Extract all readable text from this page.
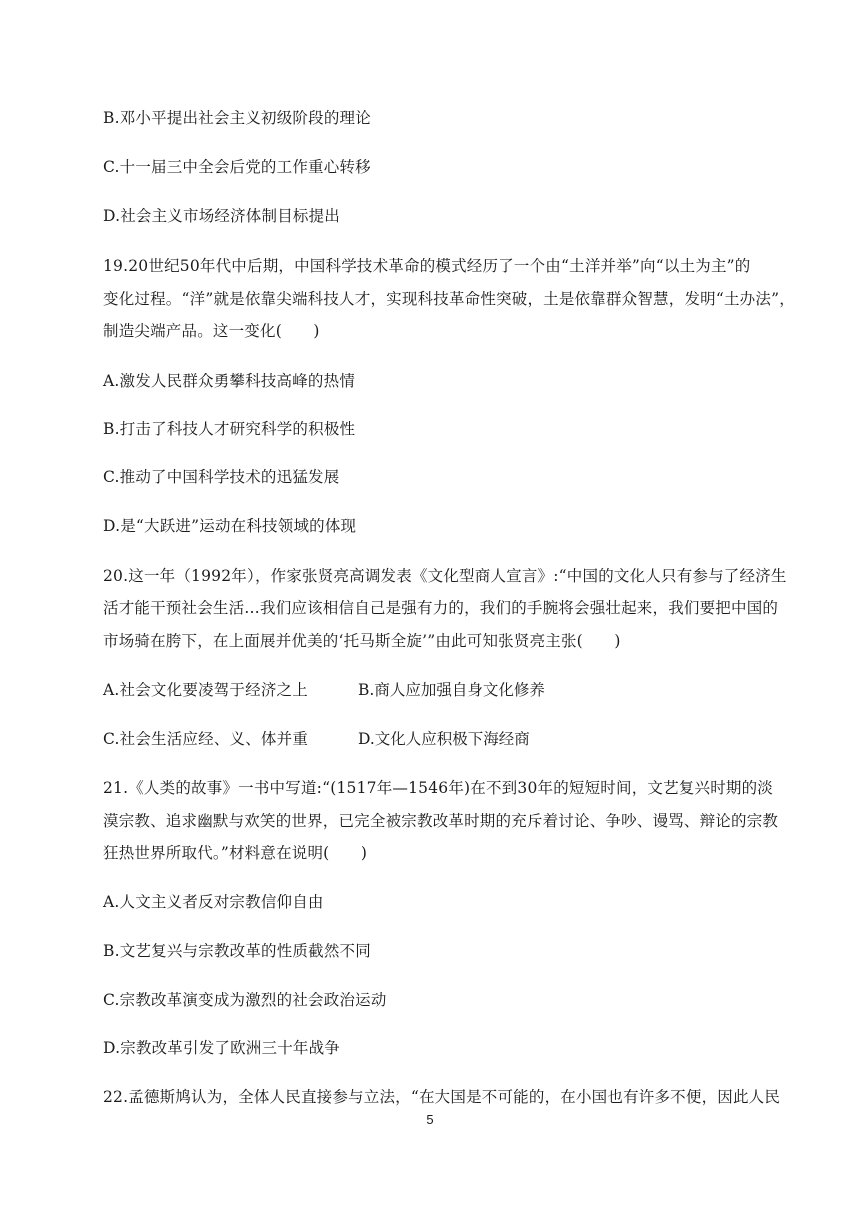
B.邓小平提出社会主义初级阶段的理论
C.十一届三中全会后党的工作重心转移
D.社会主义市场经济体制目标提出
19.20世纪50年代中后期，中国科学技术革命的模式经历了一个由“土洋并举”向“以土为主”的
变化过程。“洋”就是依靠尖端科技人才，实现科技革命性突破，土是依靠群众智慧，发明“土办法”，
制造尖端产品。这一变化(　　)
A.激发人民群众勇攀科技高峰的热情
B.打击了科技人才研究科学的积极性
C.推动了中国科学技术的迅猛发展
D.是“大跃进”运动在科技领域的体现
20.这一年（1992年），作家张贤亮高调发表《文化型商人宣言》:“中国的文化人只有参与了经济生
活才能干预社会生活…我们应该相信自己是强有力的，我们的手腕将会强壮起来，我们要把中国的
市场骑在胯下，在上面展并优美的‘托马斯全旋’”由此可知张贤亮主张(　　)
A.社会文化要凌驾于经济之上	B.商人应加强自身文化修养
C.社会生活应经、义、体并重	D.文化人应积极下海经商
21.《人类的故事》一书中写道:“(1517年—1546年)在不到30年的短短时间，文艺复兴时期的淡
漠宗教、追求幽默与欢笑的世界，已完全被宗教改革时期的充斥着讨论、争吵、谩骂、辩论的宗教
狂热世界所取代。”材料意在说明(　　)
A.人文主义者反对宗教信仰自由
B.文艺复兴与宗教改革的性质截然不同
C.宗教改革演变成为激烈的社会政治运动
D.宗教改革引发了欧洲三十年战争
22.孟德斯鸠认为，全体人民直接参与立法，“在大国是不可能的，在小国也有许多不便，因此人民
5
